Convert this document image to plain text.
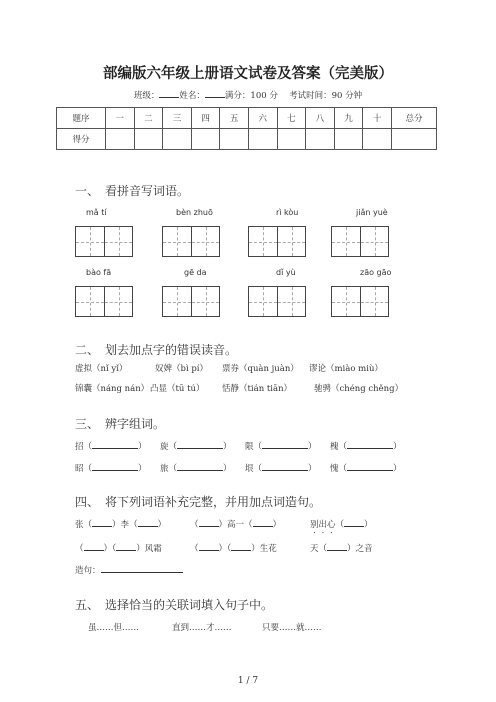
部编版六年级上册语文试卷及答案（完美版）
班级： 姓名： 满分：100 分  考试时间：90 分钟
题序	一	二	三	四	五	六	七	八	九	十	总分
得分											
一、　看拼音写词语。
mǎ tí	bèn zhuō	rì kòu	jiǎn yuè
bào fā	gē da	dǐ yù	zāo gāo
二、　划去加点字的错误读音。
虚拟（nǐ yǐ）	奴婢（bì pí） 票券（quàn juàn） 谬论（miào miù）
锦囊（náng nán） 凸显（tū tú） 恬静（tián tiān）	驰骋（chéng chěng）
三、　辨字组词。
招（	） 旋（	） 限（	） 槐（	）
昭（	） 旅（	） 垠（	） 愧（	）
四、　将下列词语补充完整，并用加点词造句。
张（ ）李（ ）	（ ）高一（ ）	别出心（ ）
（ ）（ ）风霜	（ ）（ ）生花	天（ ）之音
造句：
五、　选择恰当的关联词填入句子中。
虽……但……	直到……才……	只要……就……
1 / 7
